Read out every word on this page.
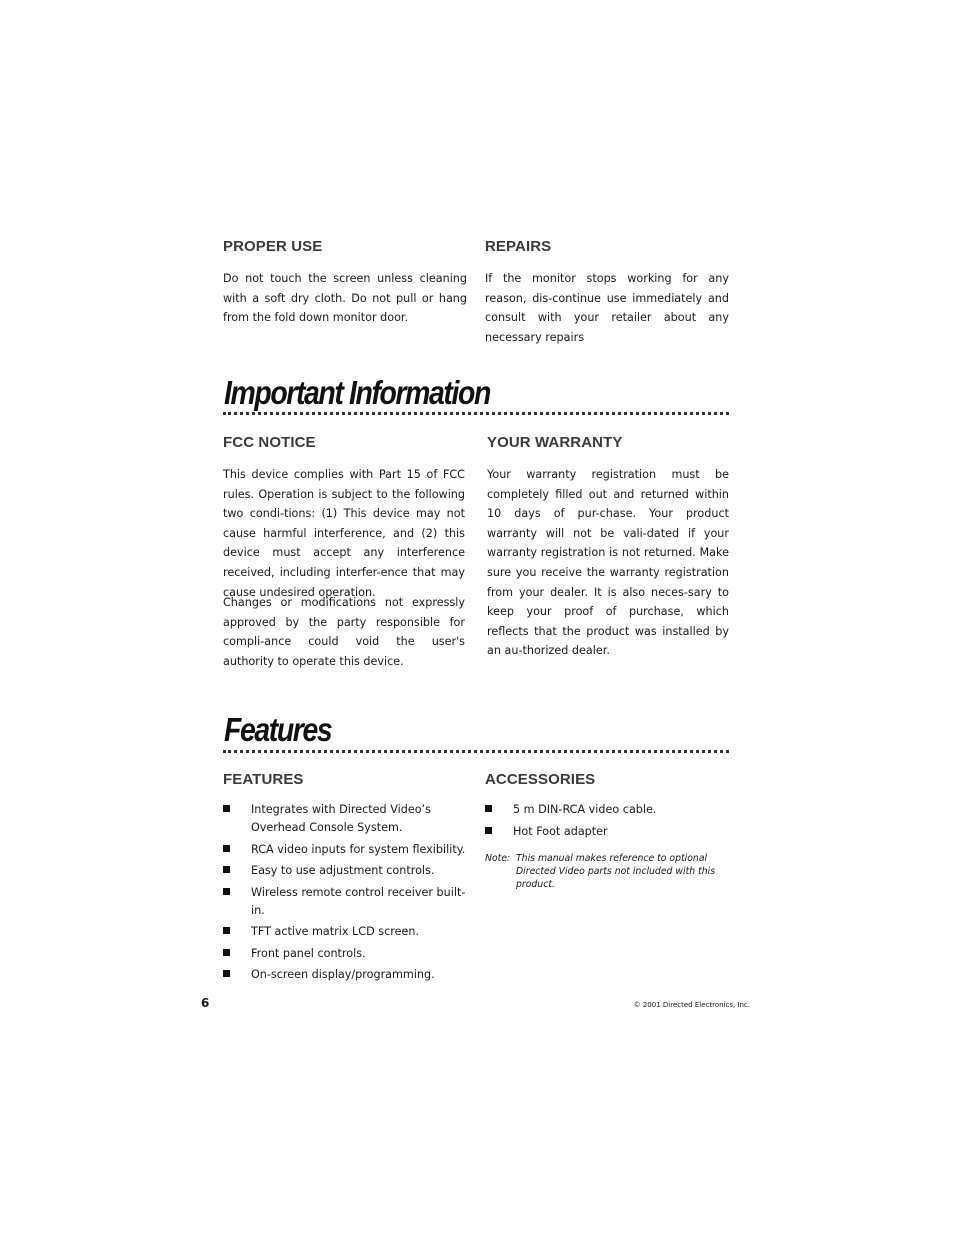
PROPER USE

Do not touch the screen unless cleaning with a soft dry cloth. Do not pull or hang from the fold down monitor door.

REPAIRS

If the monitor stops working for any reason, dis-continue use immediately and consult with your retailer about any necessary repairs

Important Information
FCC NOTICE

This device complies with Part 15 of FCC rules. Operation is subject to the following two condi-tions: (1) This device may not cause harmful interference, and (2) this device must accept any interference received, including interfer-ence that may cause undesired operation.

Changes or modifications not expressly approved by the party responsible for compli-ance could void the user's authority to operate this device.

YOUR WARRANTY

Your warranty registration must be completely filled out and returned within 10 days of pur-chase. Your product warranty will not be vali-dated if your warranty registration is not returned. Make sure you receive the warranty registration from your dealer. It is also neces-sary to keep your proof of purchase, which reflects that the product was installed by an au-thorized dealer.

Features
FEATURES
Integrates with Directed Video’s Overhead Console System.
RCA video inputs for system flexibility.
Easy to use adjustment controls.
Wireless remote control receiver built-in.
TFT active matrix LCD screen.
Front panel controls.
On-screen display/programming.
ACCESSORIES
5 m DIN-RCA video cable.
Hot Foot adapter
Note: This manual makes reference to optional Directed Video parts not included with this product.
6	© 2001 Directed Electronics, Inc.
